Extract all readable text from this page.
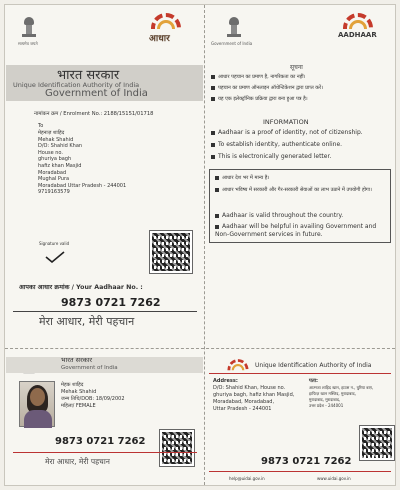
सत्यमेव जयते	आधार
भारत सरकार
Unique Identification Authority of India
Government of India
नामांकन क्रम / Enrolment No.: 2188/15151/01718
To
मेहनाज़ शाहिद
Mehak Shahid
D/O: Shahid Khan
House no.
ghuriya bagh
hafiz khan Masjid
Moradabad
Mughal Pura
Moradabad Uttar Pradesh - 244001
9719163579
Signature valid
आपका आधार क्रमांक / Your Aadhaar No. :
9873 0721 7262
मेरा आधार, मेरी पहचान
भारत सरकार
Government of India
मेहक शाहिद
Mehak Shahid
जन्म तिथि/DOB: 18/09/2002
महिला/ FEMALE
9873 0721 7262
मेरा आधार, मेरी पहचान
Government of India
AADHAAR
सूचना
आधार पहचान का प्रमाण है, नागरिकता का नहीं।
पहचान का प्रमाण ऑनलाइन ऑथेन्टिकेशन द्वारा प्राप्त करें।
यह एक इलेक्ट्रॉनिक प्रक्रिया द्वारा बना हुआ पत्र है।
INFORMATION
Aadhaar is a proof of identity, not of citizenship.
To establish identity, authenticate online.
This is electronically generated letter.
आधार देश भर में मान्य है।
आधार भविष्य में सरकारी और गैर-सरकारी सेवाओं का लाभ उठाने में उपयोगी होगा।
Aadhaar is valid throughout the country.
Aadhaar will be helpful in availing Government and Non-Government services in future.
Unique Identification Authority of India
Address:
D/O: Shahid Khan, House no.
ghuriya bagh, hafiz khan Masjid,
Moradabad, Moradabad,
Uttar Pradesh - 244001
पता:
आत्मजा शाहिद खान, हाउस न., घुरिया बाग़,
हाफिज़ खान मस्जिद, मुरादाबाद,
मुरादाबाद, मुरादाबाद,
उत्तर प्रदेश - 244001
9873 0721 7262
help@uidai.gov.in	www.uidai.gov.in
